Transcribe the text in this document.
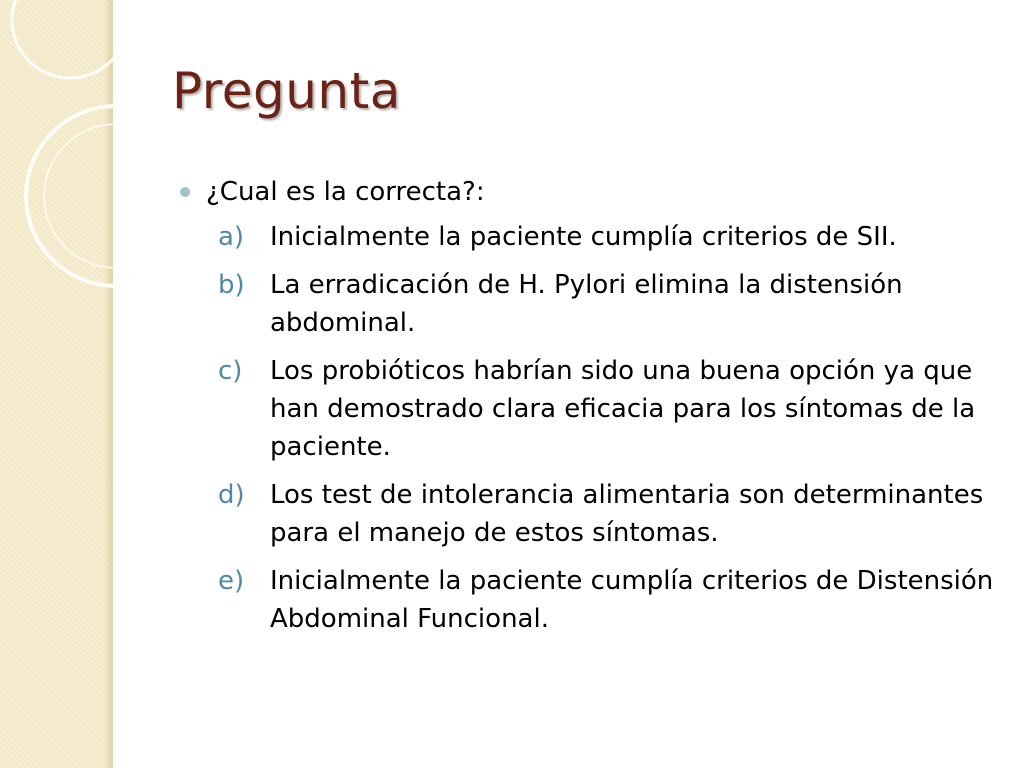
Pregunta
¿Cual es la correcta?:
a) Inicialmente la paciente cumplía criterios de SII.
b) La erradicación de H. Pylori elimina la distensión abdominal.
c)	Los probióticos habrían sido una buena opción ya que han demostrado clara eficacia para los síntomas de la paciente.
d) Los test de intolerancia alimentaria son determinantes para el manejo de estos síntomas.
e) Inicialmente la paciente cumplía criterios de Distensión Abdominal Funcional.
